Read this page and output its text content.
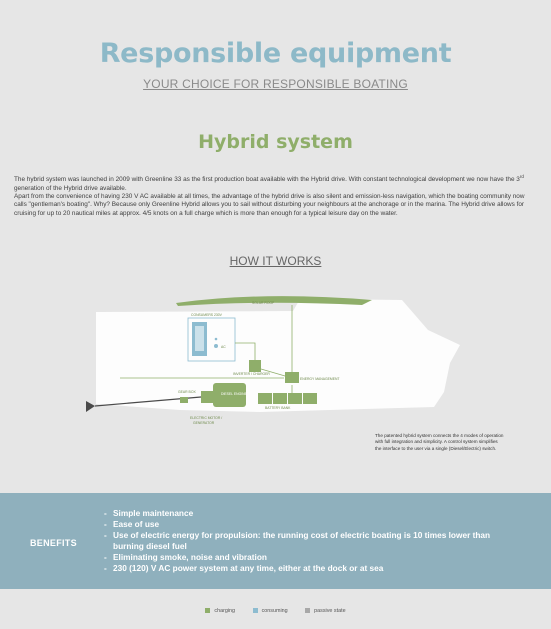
Responsible equipment
YOUR CHOICE FOR RESPONSIBLE BOATING
Hybrid system

The hybrid system was launched in 2009 with Greenline 33 as the first production boat available with the Hybrid drive. With constant technological development we now have the 3rd generation of the Hybrid drive available.

Apart from the convenience of having 230 V AC available at all times, the advantage of the hybrid drive is also silent and emission-less navigation, which the boating community now calls "gentleman's boating". Why? Because only Greenline Hybrid allows you to sail without disturbing your neighbours at the anchorage or in the marina. The Hybrid drive allows for cruising for up to 20 nautical miles at approx. 4/5 knots on a full charge which is more than enough for a typical leisure day on the water.

HOW IT WORKS
SOLAR ROOF
CONSUMERS 230V
AC
INVERTER / CHARGER
ENERGY MANAGEMENT
GEAR BOX	DIESEL ENGINE
BATTERY BANK
ELECTRIC MOTOR /
GENERATOR
The patented hybrid system connects the 4 modes of operation with full integration and simplicity. A control system simplifies the interface to the user via a single (Diesel/Electric) switch.
BENEFITS
- Simple maintenance
- Ease of use
- Use of electric energy for propulsion: the running cost of electric boating is 10 times lower than burning diesel fuel
- Eliminating smoke, noise and vibration
- 230 (120) V AC power system at any time, either at the dock or at sea
charging	consuming	passive state
